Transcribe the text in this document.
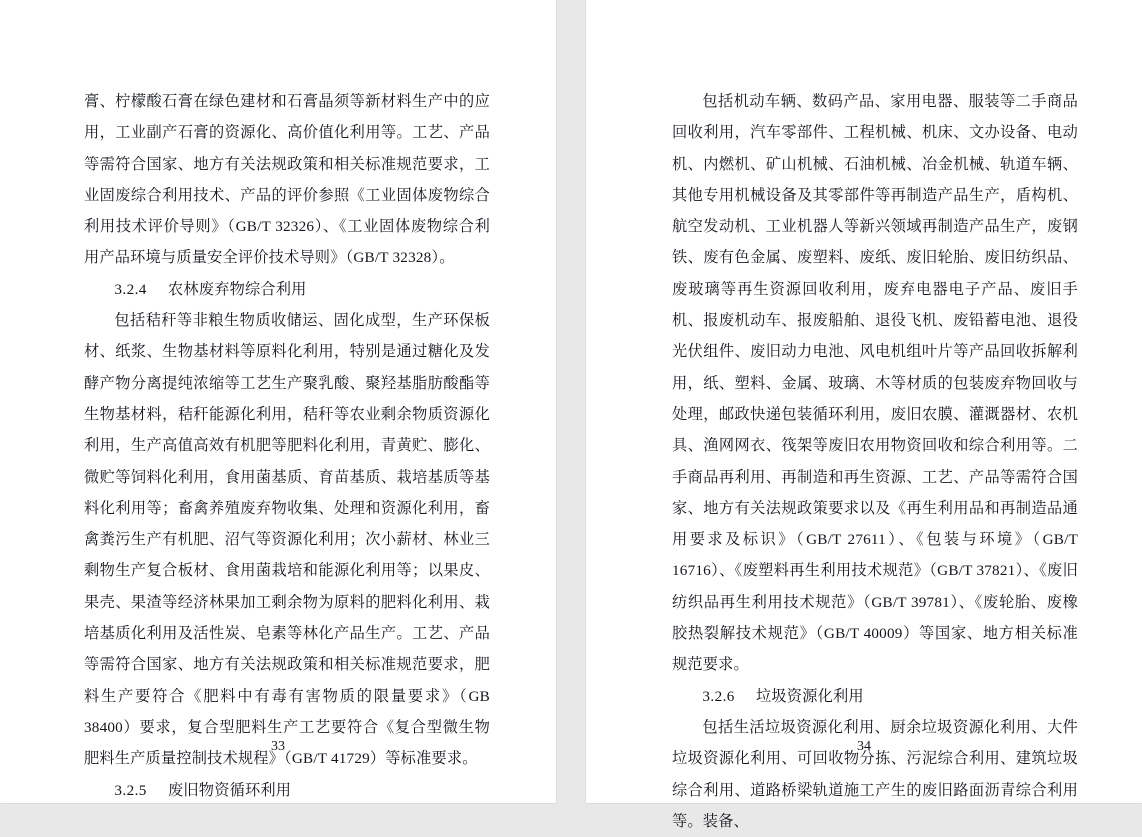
膏、柠檬酸石膏在绿色建材和石膏晶须等新材料生产中的应用，工业副产石膏的资源化、高价值化利用等。工艺、产品等需符合国家、地方有关法规政策和相关标准规范要求，工业固废综合利用技术、产品的评价参照《工业固体废物综合利用技术评价导则》（GB/T 32326）、《工业固体废物综合利用产品环境与质量安全评价技术导则》（GB/T 32328）。

3.2.4 农林废弃物综合利用

包括秸秆等非粮生物质收储运、固化成型，生产环保板材、纸浆、生物基材料等原料化利用，特别是通过糖化及发酵产物分离提纯浓缩等工艺生产聚乳酸、聚羟基脂肪酸酯等生物基材料，秸秆能源化利用，秸秆等农业剩余物质资源化利用，生产高值高效有机肥等肥料化利用，青黄贮、膨化、微贮等饲料化利用，食用菌基质、育苗基质、栽培基质等基料化利用等；畜禽养殖废弃物收集、处理和资源化利用，畜禽粪污生产有机肥、沼气等资源化利用；次小薪材、林业三剩物生产复合板材、食用菌栽培和能源化利用等；以果皮、果壳、果渣等经济林果加工剩余物为原料的肥料化利用、栽培基质化利用及活性炭、皂素等林化产品生产。工艺、产品等需符合国家、地方有关法规政策和相关标准规范要求，肥料生产要符合《肥料中有毒有害物质的限量要求》（GB 38400）要求，复合型肥料生产工艺要符合《复合型微生物肥料生产质量控制技术规程》（GB/T 41729）等标准要求。

3.2.5 废旧物资循环利用

33

包括机动车辆、数码产品、家用电器、服装等二手商品回收利用，汽车零部件、工程机械、机床、文办设备、电动机、内燃机、矿山机械、石油机械、冶金机械、轨道车辆、其他专用机械设备及其零部件等再制造产品生产，盾构机、航空发动机、工业机器人等新兴领域再制造产品生产，废钢铁、废有色金属、废塑料、废纸、废旧轮胎、废旧纺织品、废玻璃等再生资源回收利用，废弃电器电子产品、废旧手机、报废机动车、报废船舶、退役飞机、废铅蓄电池、退役光伏组件、废旧动力电池、风电机组叶片等产品回收拆解利用，纸、塑料、金属、玻璃、木等材质的包装废弃物回收与处理，邮政快递包装循环利用，废旧农膜、灌溉器材、农机具、渔网网衣、筏架等废旧农用物资回收和综合利用等。二手商品再利用、再制造和再生资源、工艺、产品等需符合国家、地方有关法规政策要求以及《再生利用品和再制造品通用要求及标识》（GB/T 27611）、《包装与环境》（GB/T 16716）、《废塑料再生利用技术规范》（GB/T 37821）、《废旧纺织品再生利用技术规范》（GB/T 39781）、《废轮胎、废橡胶热裂解技术规范》（GB/T 40009）等国家、地方相关标准规范要求。

3.2.6 垃圾资源化利用

包括生活垃圾资源化利用、厨余垃圾资源化利用、大件垃圾资源化利用、可回收物分拣、污泥综合利用、建筑垃圾综合利用、道路桥梁轨道施工产生的废旧路面沥青综合利用等。装备、

34
